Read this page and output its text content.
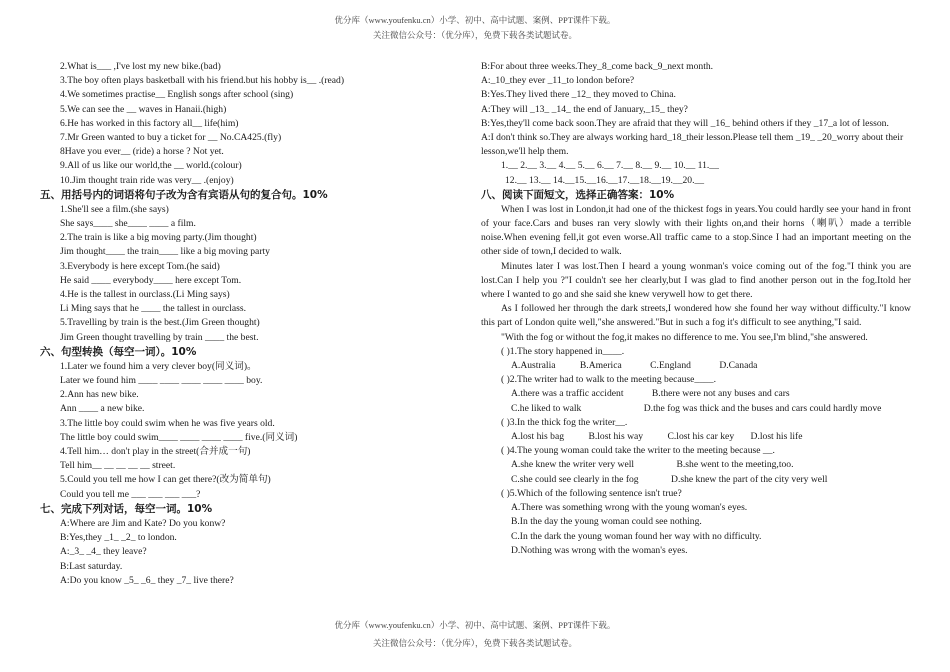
优分库（www.youfenku.cn）小学、初中、高中试题、案例、PPT课件下载。
关注微信公众号：（优分库），免费下载各类试题试卷。
2.What is___ ,I've lost my new bike.(bad)
3.The boy often plays basketball with his friend.but his hobby is__ .(read)
4.We sometimes practise__ English songs after school (sing)
5.We can see the __ waves in Hanaii.(high)
6.He has worked in this factory all__ life(him)
7.Mr Green wanted to buy a ticket for __ No.CA425.(fly)
8Have you ever__ (ride) a horse ? Not yet.
9.All of us like our world,the __ world.(colour)
10.Jim thought train ride was very__ .(enjoy)
五、用括号内的词语将句子改为含有宾语从句的复合句。10%
1.She'll see a film.(she says)
She says____ she____ ____ a film.
2.The train is like a big moving party.(Jim thought)
Jim thought____ the train____ like a big moving party
3.Everybody is here except Tom.(he said)
He said ____ everybody____ here except Tom.
4.He is the tallest in ourclass.(Li Ming says)
Li Ming says that he ____ the tallest in ourclass.
5.Travelling by train is the best.(Jim Green thought)
Jim Green thought travelling by train ____ the best.
六、句型转换（每空一词）。10%
1.Later we found him a very clever boy(同义词)。
Later we found him ____ ____ ____ ____ ____ boy.
2.Ann has new bike.
Ann ____ a new bike.
3.The little boy could swim when he was five years old.
The little boy could swim____ ____ ____ ____ five.(同义词)
4.Tell him… don't play in the street(合并成一句)
Tell him__ __ __ __ __ street.
5.Could you tell me how I can get there?(改为简单句)
Could you tell me ___ ___ ___ ___?
七、完成下列对话，每空一词。10%
A:Where are Jim and Kate? Do you konw?
B:Yes,they _1_ _2_ to london.
A:_3_ _4_ they leave?
B:Last saturday.
A:Do you know _5_ _6_ they _7_ live there?
B:For about three weeks.They_8_come back_9_next month.
A:_10_they ever _11_to london before?
B:Yes.They lived there _12_ they moved to China.
A:They will _13_ _14_ the end of January,_15_ they?
B:Yes,they'll come back soon.They are afraid that they will _16_ behind others if they _17_a lot of lesson.
A:I don't think so.They are always working hard_18_their lesson.Please tell them _19_ _20_worry about their lesson,we'll help them.
1.__ 2.__ 3.__ 4.__ 5.__ 6.__ 7.__ 8.__ 9.__ 10.__ 11.__
12.__ 13.__ 14.__15.__16.__17.__18.__19.__20.__
八、阅读下面短文，选择正确答案：10%
When I was lost in London,it had one of the thickest fogs in years.You could hardly see your hand in front of your face.Cars and buses ran very slowly with their lights on,and their horns（喇叭）made a terrible noise.When evening fell,it got even worse.All traffic came to a stop.Since I had an important meeting on the other side of town,I decided to walk.
Minutes later I was lost.Then I heard a young wonman's voice coming out of the fog."I think you are lost.Can I help you ?"I couldn't see her clearly,but I was glad to find another person out in the fog.Itold her where I wanted to go and she said she knew verywell how to get there.
As I followed her through the dark streets,I wondered how she found her way without difficulty."I know this part of London quite well,"she answered."But in such a fog it's difficult to see anything,"I said.
"With the fog or without the fog,it makes no difference to me. You see,I'm blind,"she answered.
( )1.The story happened in____.
A.Australia	B.America	C.England	D.Canada
( )2.The writer had to walk to the meeting because____.
A.there was a traffic accident	B.there were not any buses and cars
C.he liked to walk	D.the fog was thick and the buses and cars could hardly move
( )3.In the thick fog the writer__.
A.lost his bag	B.lost his way	C.lost his car key D.lost his life
( )4.The young woman could take the writer to the meeting because __.
A.she knew the writer very well	B.she went to the meeting,too.
C.she could see clearly in the fog	D.she knew the part of the city very well
( )5.Which of the following sentence isn't true?
A.There was something wrong with the young woman's eyes.
B.In the day the young woman could see nothing.
C.In the dark the young woman found her way with no difficulty.
D.Nothing was wrong with the woman's eyes.
优分库（www.youfenku.cn）小学、初中、高中试题、案例、PPT课件下载。
关注微信公众号：（优分库），免费下载各类试题试卷。
